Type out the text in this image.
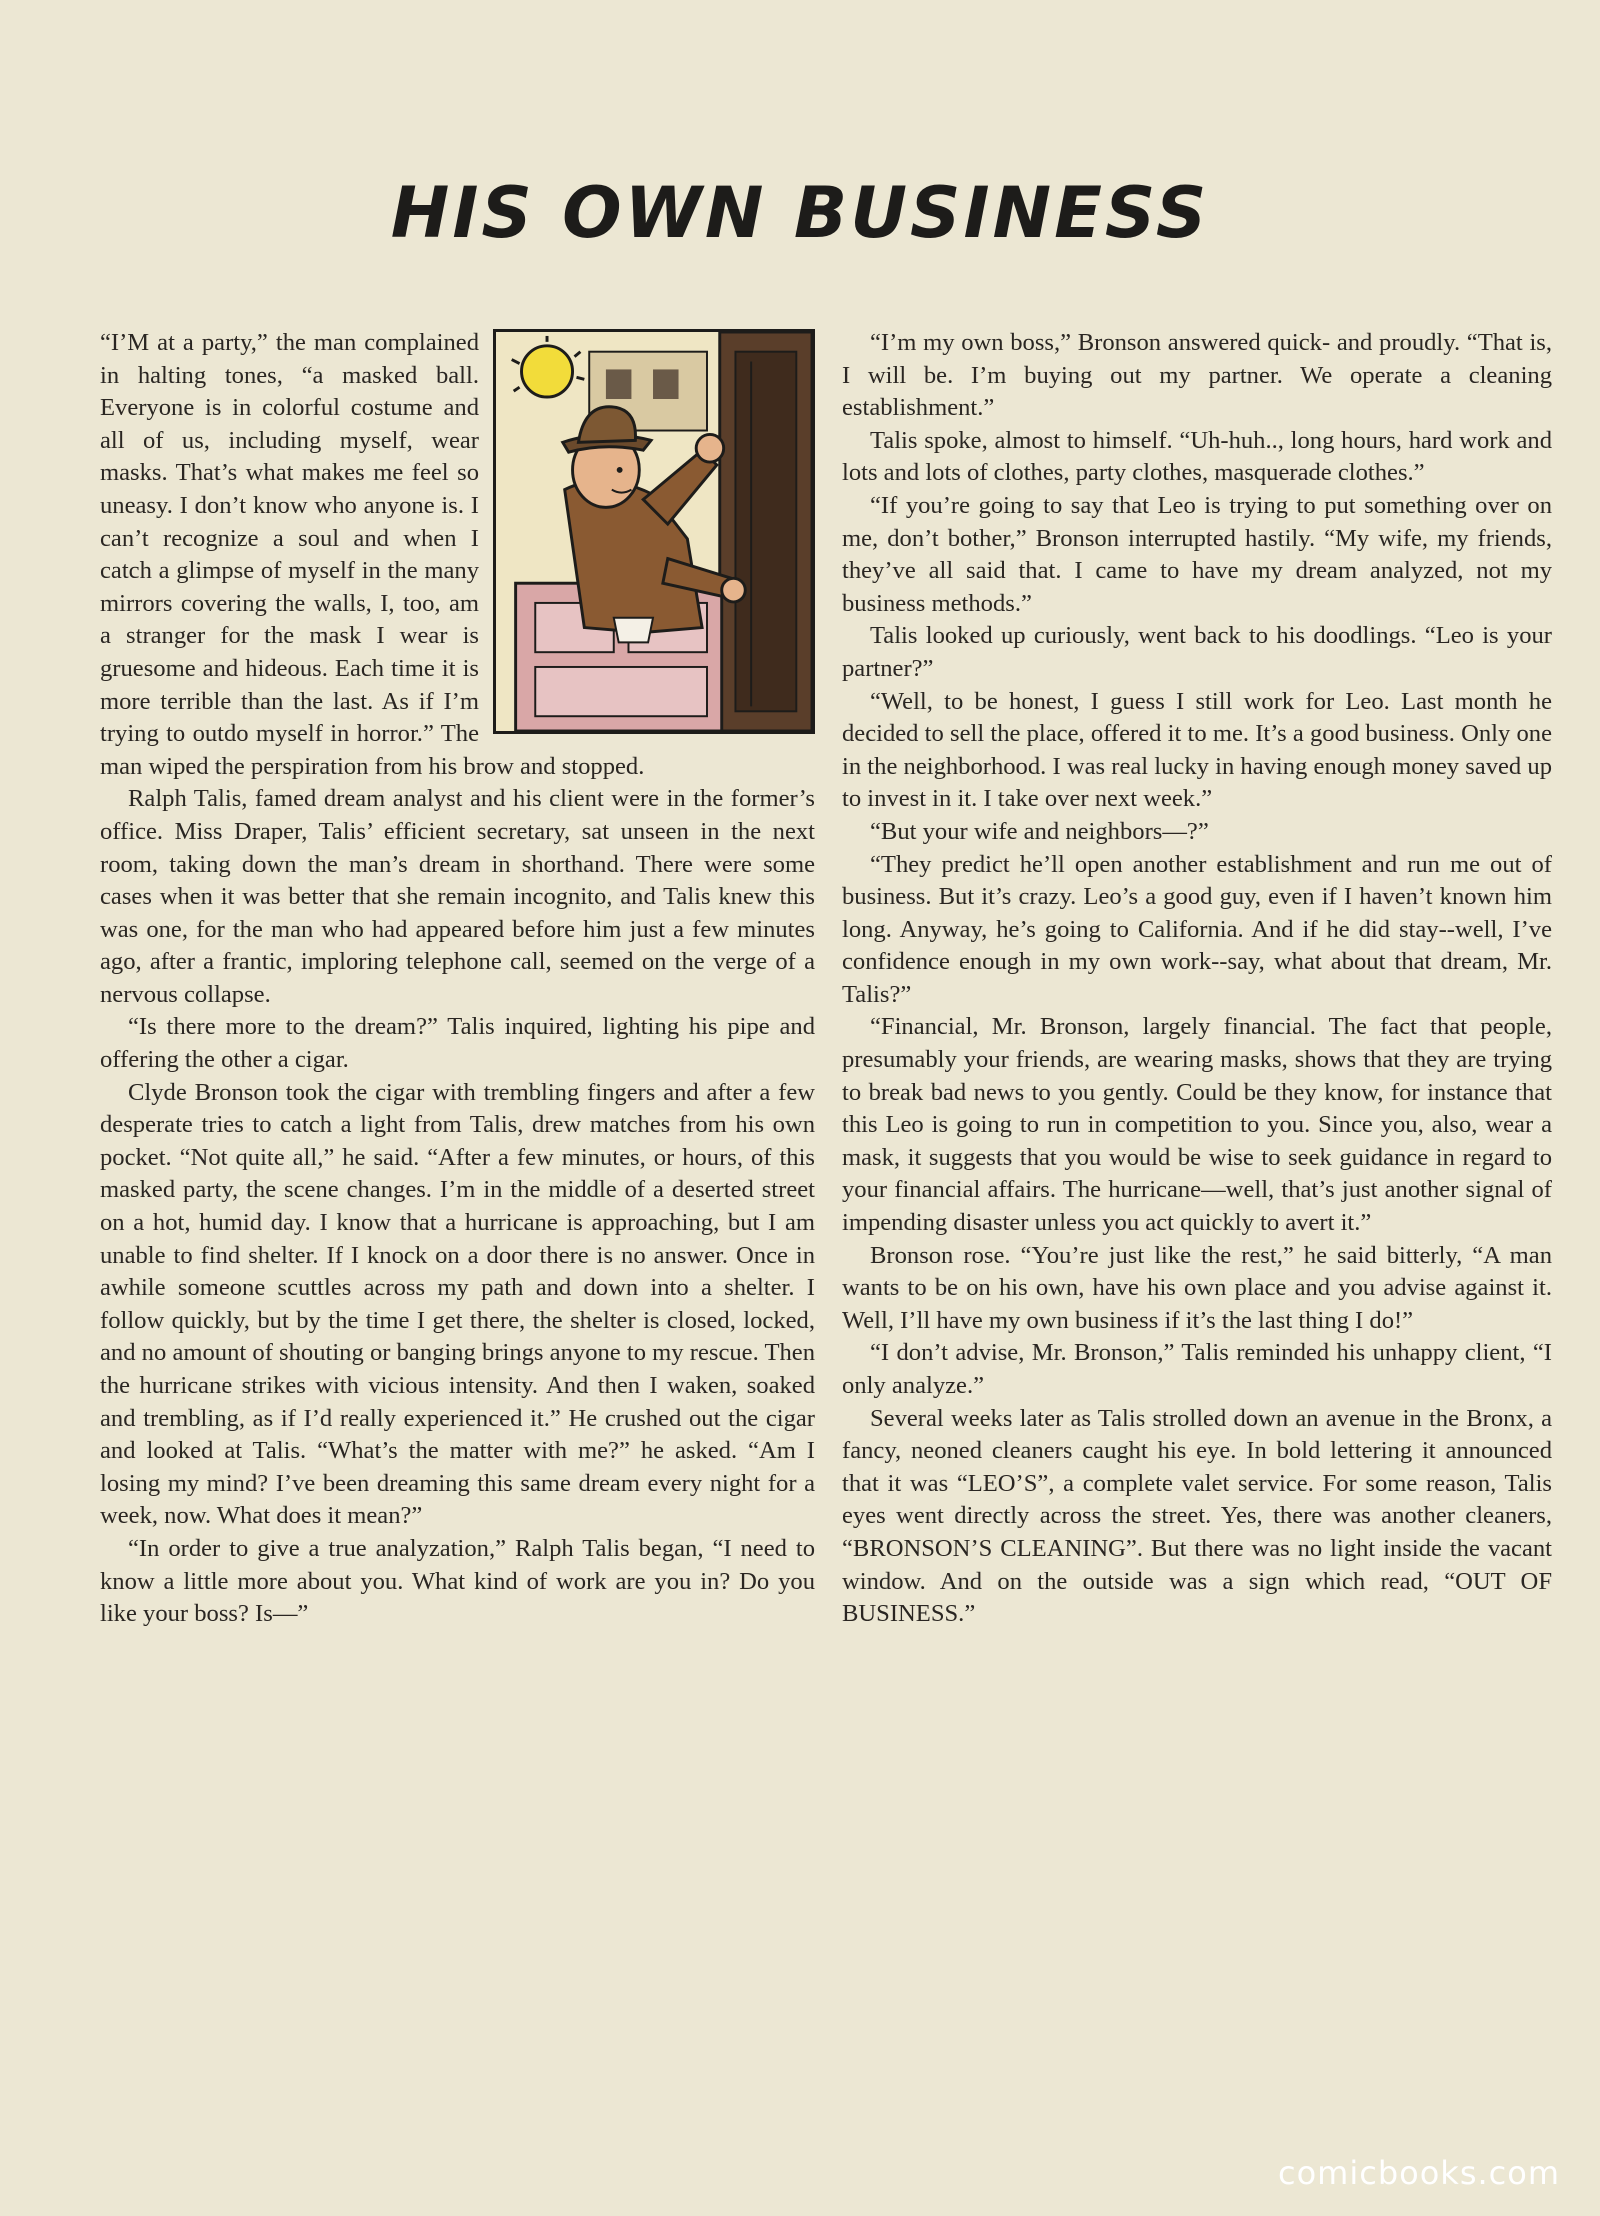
HIS OWN BUSINESS

“I’M at a party,” the man complained in halting tones, “a masked ball. Everyone is in colorful costume and all of us, including myself, wear masks. That’s what makes me feel so uneasy. I don’t know who anyone is. I can’t recognize a soul and when I catch a glimpse of myself in the many mirrors covering the walls, I, too, am a stranger for the mask I wear is gruesome and hideous. Each time it is more terrible than the last. As if I’m trying to outdo myself in horror.” The man wiped the perspiration from his brow and stopped.

Ralph Talis, famed dream analyst and his client were in the former’s office. Miss Draper, Talis’ efficient secretary, sat unseen in the next room, taking down the man’s dream in shorthand. There were some cases when it was better that she remain incognito, and Talis knew this was one, for the man who had appeared before him just a few minutes ago, after a frantic, imploring telephone call, seemed on the verge of a nervous collapse.

“Is there more to the dream?” Talis inquired, lighting his pipe and offering the other a cigar.

Clyde Bronson took the cigar with trembling fingers and after a few desperate tries to catch a light from Talis, drew matches from his own pocket. “Not quite all,” he said. “After a few minutes, or hours, of this masked party, the scene changes. I’m in the middle of a deserted street on a hot, humid day. I know that a hurricane is approaching, but I am unable to find shelter. If I knock on a door there is no answer. Once in awhile someone scuttles across my path and down into a shelter. I follow quickly, but by the time I get there, the shelter is closed, locked, and no amount of shouting or banging brings anyone to my rescue. Then the hurricane strikes with vicious intensity. And then I waken, soaked and trembling, as if I’d really experienced it.” He crushed out the cigar and looked at Talis. “What’s the matter with me?” he asked. “Am I losing my mind? I’ve been dreaming this same dream every night for a week, now. What does it mean?”

“In order to give a true analyzation,” Ralph Talis began, “I need to know a little more about you. What kind of work are you in? Do you like your boss? Is—”

“I’m my own boss,” Bronson answered quick- and proudly. “That is, I will be. I’m buying out my partner. We operate a cleaning establishment.”

Talis spoke, almost to himself. “Uh-huh.., long hours, hard work and lots and lots of clothes, party clothes, masquerade clothes.”

“If you’re going to say that Leo is trying to put something over on me, don’t bother,” Bronson interrupted hastily. “My wife, my friends, they’ve all said that. I came to have my dream analyzed, not my business methods.”

Talis looked up curiously, went back to his doodlings. “Leo is your partner?”

“Well, to be honest, I guess I still work for Leo. Last month he decided to sell the place, offered it to me. It’s a good business. Only one in the neighborhood. I was real lucky in having enough money saved up to invest in it. I take over next week.”

“But your wife and neighbors—?”

“They predict he’ll open another establishment and run me out of business. But it’s crazy. Leo’s a good guy, even if I haven’t known him long. Anyway, he’s going to California. And if he did stay--well, I’ve confidence enough in my own work--say, what about that dream, Mr. Talis?”

“Financial, Mr. Bronson, largely financial. The fact that people, presumably your friends, are wearing masks, shows that they are trying to break bad news to you gently. Could be they know, for instance that this Leo is going to run in competition to you. Since you, also, wear a mask, it suggests that you would be wise to seek guidance in regard to your financial affairs. The hurricane—well, that’s just another signal of impending disaster unless you act quickly to avert it.”

Bronson rose. “You’re just like the rest,” he said bitterly, “A man wants to be on his own, have his own place and you advise against it. Well, I’ll have my own business if it’s the last thing I do!”

“I don’t advise, Mr. Bronson,” Talis reminded his unhappy client, “I only analyze.”

Several weeks later as Talis strolled down an avenue in the Bronx, a fancy, neoned cleaners caught his eye. In bold lettering it announced that it was “LEO’S”, a complete valet service. For some reason, Talis eyes went directly across the street. Yes, there was another cleaners, “BRONSON’S CLEANING”. But there was no light inside the vacant window. And on the outside was a sign which read, “OUT OF BUSINESS.”

comicbooks.com
